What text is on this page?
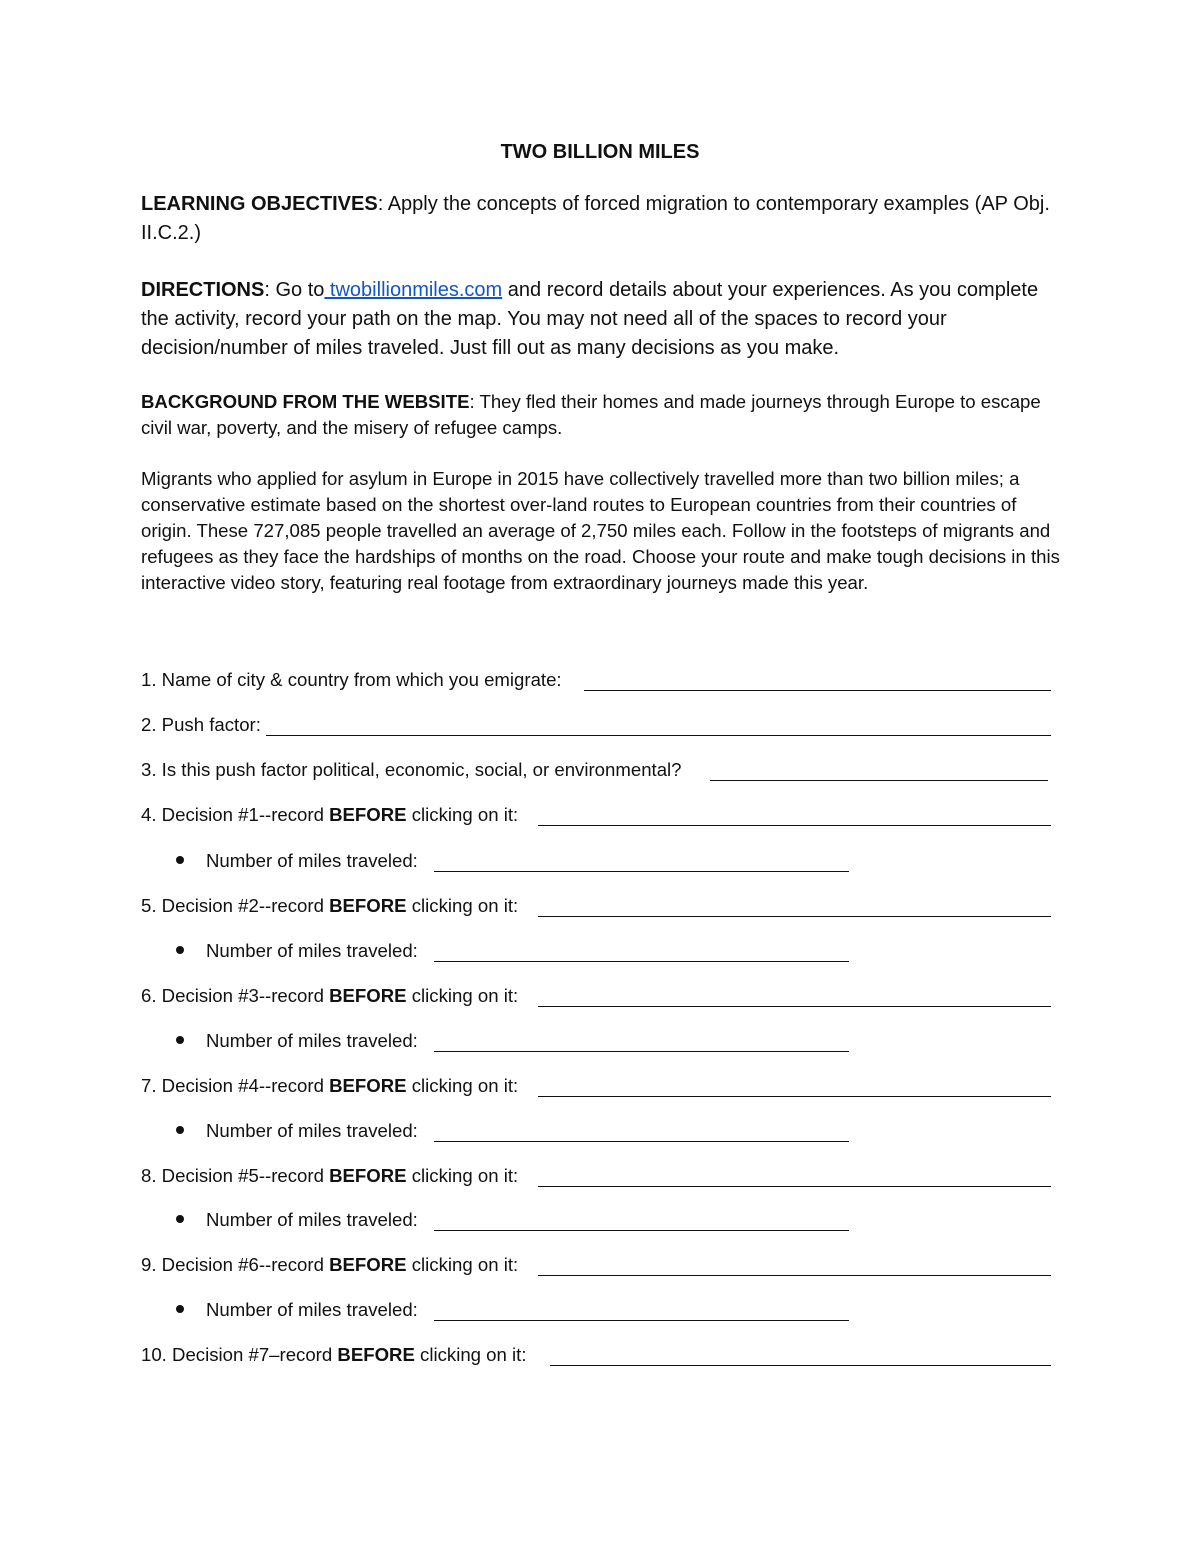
TWO BILLION MILES
LEARNING OBJECTIVES: Apply the concepts of forced migration to contemporary examples (AP Obj. II.C.2.)
DIRECTIONS: Go to twobillionmiles.com and record details about your experiences. As you complete the activity, record your path on the map. You may not need all of the spaces to record your decision/number of miles traveled. Just fill out as many decisions as you make.
BACKGROUND FROM THE WEBSITE: They fled their homes and made journeys through Europe to escape civil war, poverty, and the misery of refugee camps.
Migrants who applied for asylum in Europe in 2015 have collectively travelled more than two billion miles; a conservative estimate based on the shortest over-land routes to European countries from their countries of origin. These 727,085 people travelled an average of 2,750 miles each. Follow in the footsteps of migrants and refugees as they face the hardships of months on the road. Choose your route and make tough decisions in this interactive video story, featuring real footage from extraordinary journeys made this year.
1. Name of city & country from which you emigrate:
2. Push factor:
3. Is this push factor political, economic, social, or environmental?
4. Decision #1--record BEFORE clicking on it:
Number of miles traveled:
5. Decision #2--record BEFORE clicking on it:
Number of miles traveled:
6. Decision #3--record BEFORE clicking on it:
Number of miles traveled:
7. Decision #4--record BEFORE clicking on it:
Number of miles traveled:
8. Decision #5--record BEFORE clicking on it:
Number of miles traveled:
9. Decision #6--record BEFORE clicking on it:
Number of miles traveled:
10. Decision #7–record BEFORE clicking on it:
